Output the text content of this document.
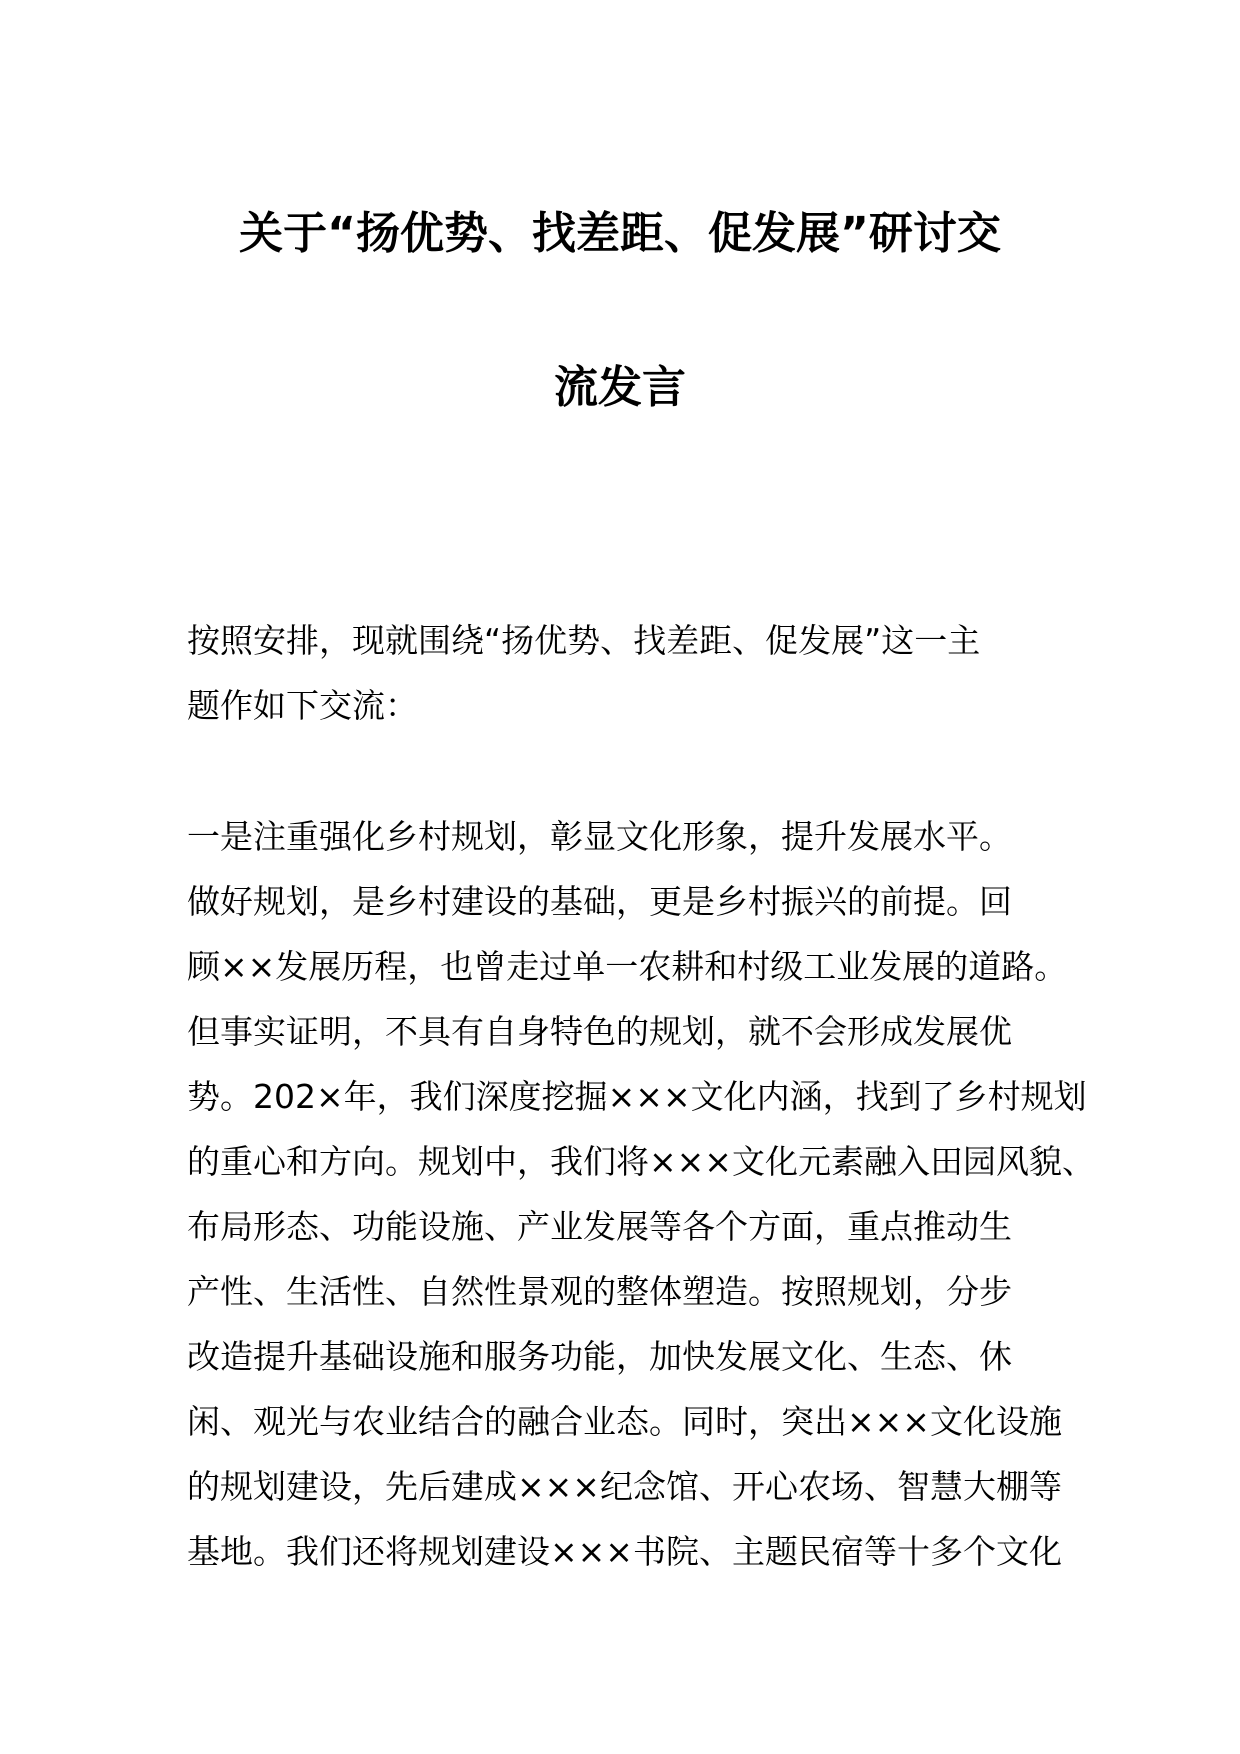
关于“扬优势、找差距、促发展”研讨交
流发言
按照安排，现就围绕“扬优势、找差距、促发展”这一主
题作如下交流：
一是注重强化乡村规划，彰显文化形象，提升发展水平。
做好规划，是乡村建设的基础，更是乡村振兴的前提。回
顾××发展历程，也曾走过单一农耕和村级工业发展的道路。
但事实证明，不具有自身特色的规划，就不会形成发展优
势。202×年，我们深度挖掘×××文化内涵，找到了乡村规划
的重心和方向。规划中，我们将×××文化元素融入田园风貌、
布局形态、功能设施、产业发展等各个方面，重点推动生
产性、生活性、自然性景观的整体塑造。按照规划，分步
改造提升基础设施和服务功能，加快发展文化、生态、休
闲、观光与农业结合的融合业态。同时，突出×××文化设施
的规划建设，先后建成×××纪念馆、开心农场、智慧大棚等
基地。我们还将规划建设×××书院、主题民宿等十多个文化
